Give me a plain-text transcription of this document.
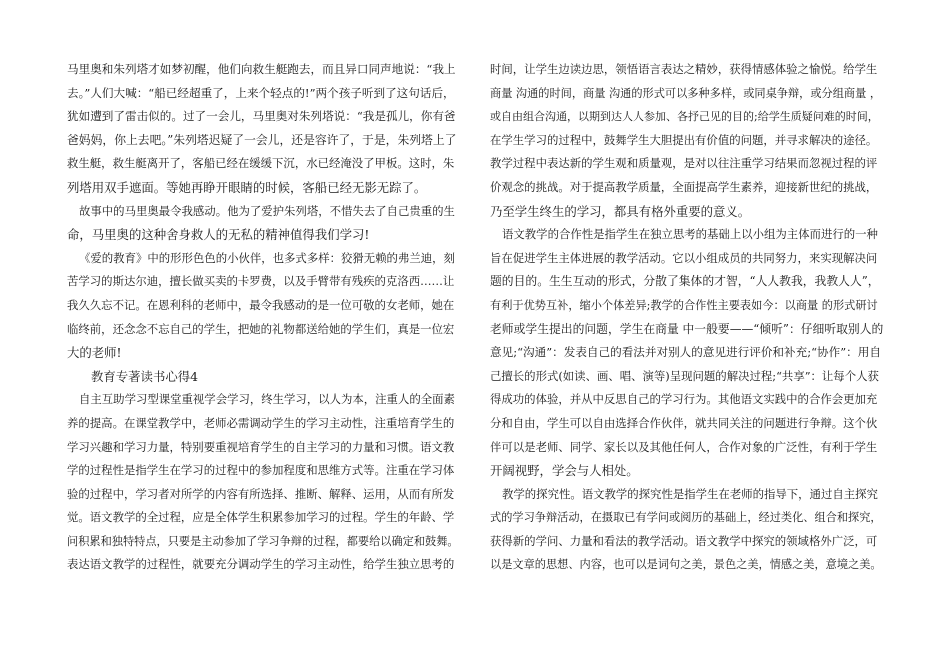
马里奥和朱列塔才如梦初醒，他们向救生艇跑去，而且异口同声地说：“我上
去。”人们大喊：“船已经超重了，上来个轻点的!”两个孩子听到了这句话后，
犹如遭到了雷击似的。过了一会儿，马里奥对朱列塔说：“我是孤儿，你有爸
爸妈妈，你上去吧。”朱列塔迟疑了一会儿，还是容许了，于是，朱列塔上了
救生艇，救生艇离开了，客船已经在缓缓下沉，水已经淹没了甲板。这时，朱
列塔用双手遮面。等她再睁开眼睛的时候，客船已经无影无踪了。
故事中的马里奥最令我感动。他为了爱护朱列塔，不惜失去了自己贵重的生
命，马里奥的这种舍身救人的无私的精神值得我们学习!
《爱的教育》中的形形色色的小伙伴，也多式多样：狡猾无赖的弗兰迪，刻
苦学习的斯达尔迪，擅长做买卖的卡罗费，以及手臂带有残疾的克洛西……让
我久久忘不记。在恩利科的老师中，最令我感动的是一位可敬的女老师，她在
临终前，还念念不忘自己的学生，把她的礼物都送给她的学生们，真是一位宏
大的老师!
教育专著读书心得4
自主互助学习型课堂重视学会学习，终生学习，以人为本，注重人的全面素
养的提高。在课堂教学中，老师必需调动学生的学习主动性，注重培育学生的
学习兴趣和学习力量，特别要重视培育学生的自主学习的力量和习惯。语文教
学的过程性是指学生在学习的过程中的参加程度和思维方式等。注重在学习体
验的过程中，学习者对所学的内容有所选择、推断、解释、运用，从而有所发
觉。语文教学的全过程，应是全体学生积累参加学习的过程。学生的年龄、学
问积累和独特特点，只要是主动参加了学习争辩的过程，都要给以确定和鼓舞。
表达语文教学的过程性，就要充分调动学生的学习主动性，给学生独立思考的
时间，让学生边读边思，领悟语言表达之精妙，获得情感体验之愉悦。给学生
商量 沟通的时间，商量 沟通的形式可以多种多样，或同桌争辩，或分组商量 ，
或自由组合沟通，以期到达人人参加、各抒己见的目的;给学生质疑问难的时间，
在学生学习的过程中，鼓舞学生大胆提出有价值的问题，并寻求解决的途径。
教学过程中表达新的学生观和质量观，是对以往注重学习结果而忽视过程的评
价观念的挑战。对于提高教学质量，全面提高学生素养，迎接新世纪的挑战，
乃至学生终生的学习，都具有格外重要的意义。
语文教学的合作性是指学生在独立思考的基础上以小组为主体而进行的一种
旨在促进学生主体进展的教学活动。它以小组成员的共同努力，来实现解决问
题的目的。生生互动的形式，分散了集体的才智，“人人教我，我教人人”，
有利于优势互补，缩小个体差异;教学的合作性主要表如今：以商量 的形式研讨
老师或学生提出的问题，学生在商量 中一般要——“倾听”：仔细听取别人的
意见;“沟通”：发表自己的看法并对别人的意见进行评价和补充;“协作”：用自
己擅长的形式(如读、画、唱、演等)呈现问题的解决过程;“共享”：让每个人获
得成功的体验，并从中反思自己的学习行为。其他语文实践中的合作会更加充
分和自由，学生可以自由选择合作伙伴，就共同关注的问题进行争辩。这个伙
伴可以是老师、同学、家长以及其他任何人，合作对象的广泛性，有利于学生
开阔视野，学会与人相处。
教学的探究性。语文教学的探究性是指学生在老师的指导下，通过自主探究
式的学习争辩活动，在摄取已有学问或阅历的基础上，经过类化、组合和探究，
获得新的学问、力量和看法的教学活动。语文教学中探究的领域格外广泛，可
以是文章的思想、内容，也可以是词句之美，景色之美，情感之美，意境之美。
